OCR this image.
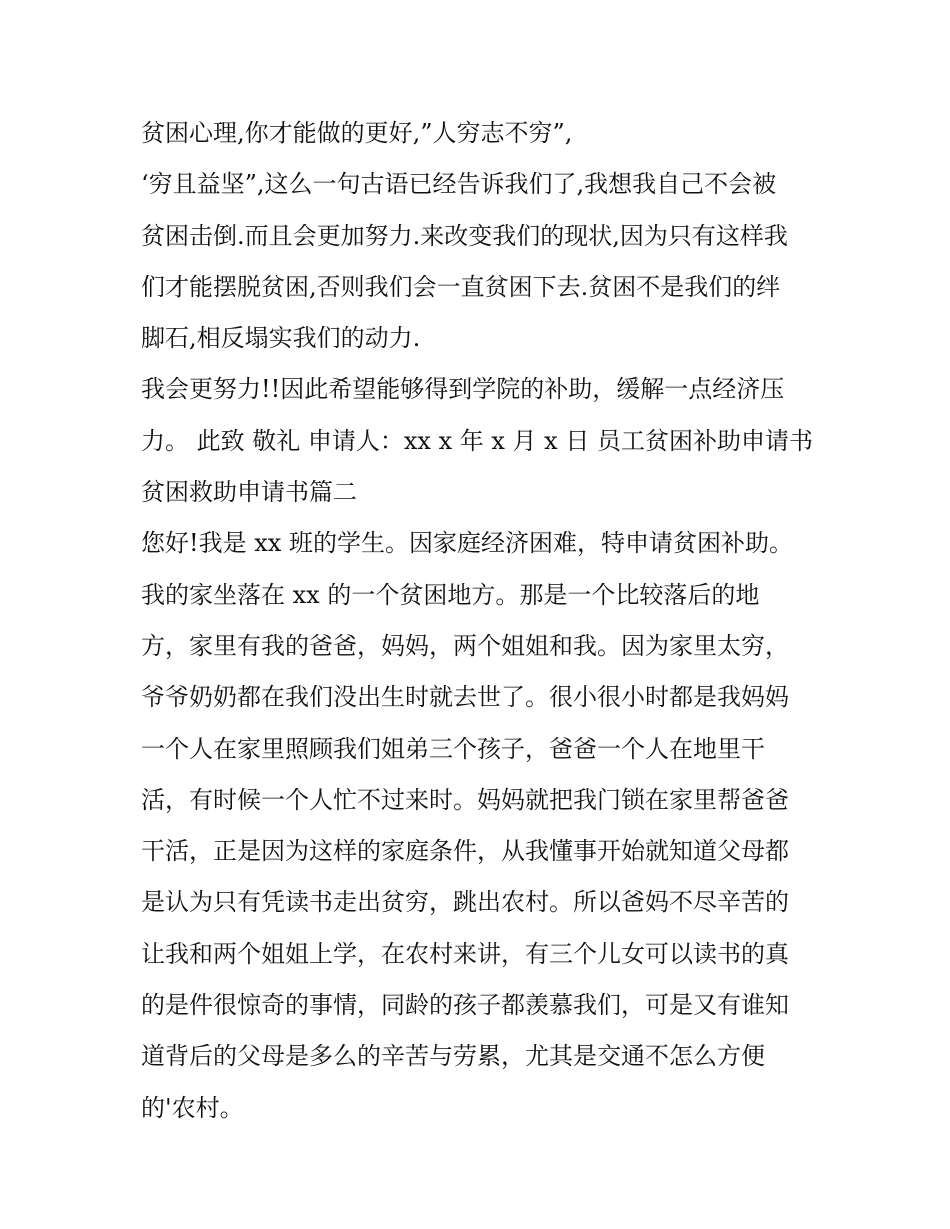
贫困心理,你才能做的更好,”人穷志不穷”,
‘穷且益坚”,这么一句古语已经告诉我们了,我想我自己不会被
贫困击倒.而且会更加努力.来改变我们的现状,因为只有这样我
们才能摆脱贫困,否则我们会一直贫困下去.贫困不是我们的绊
脚石,相反塌实我们的动力.
我会更努力!!因此希望能够得到学院的补助，缓解一点经济压
力。 此致 敬礼 申请人：xx x 年 x 月 x 日 员工贫困补助申请书
贫困救助申请书篇二
您好!我是 xx 班的学生。因家庭经济困难，特申请贫困补助。
我的家坐落在 xx 的一个贫困地方。那是一个比较落后的地
方，家里有我的爸爸，妈妈，两个姐姐和我。因为家里太穷，
爷爷奶奶都在我们没出生时就去世了。很小很小时都是我妈妈
一个人在家里照顾我们姐弟三个孩子，爸爸一个人在地里干
活，有时候一个人忙不过来时。妈妈就把我门锁在家里帮爸爸
干活，正是因为这样的家庭条件，从我懂事开始就知道父母都
是认为只有凭读书走出贫穷，跳出农村。所以爸妈不尽辛苦的
让我和两个姐姐上学，在农村来讲，有三个儿女可以读书的真
的是件很惊奇的事情，同龄的孩子都羡慕我们，可是又有谁知
道背后的父母是多么的辛苦与劳累，尤其是交通不怎么方便
的'农村。
